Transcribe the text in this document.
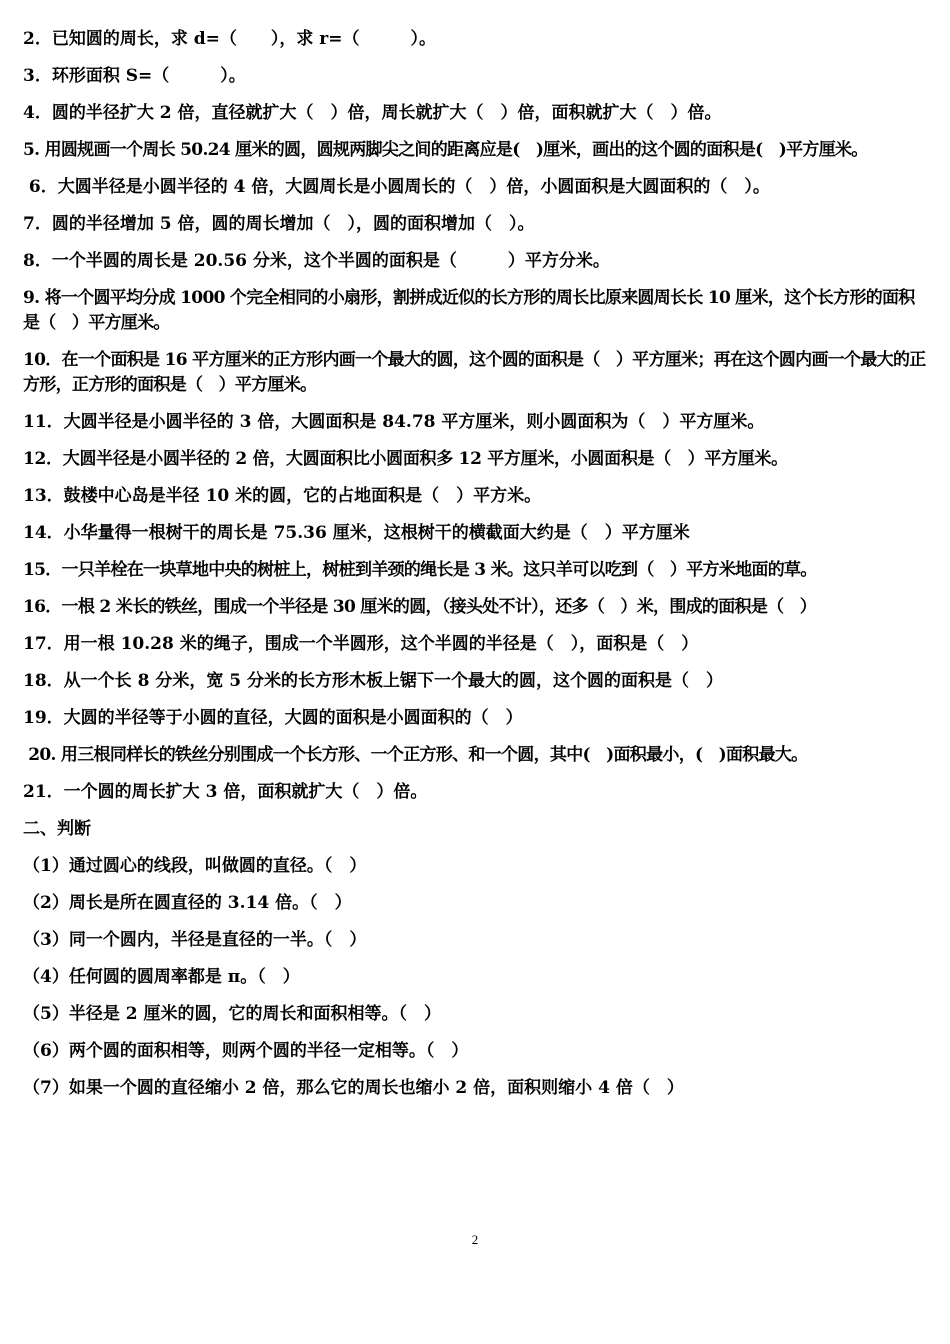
2．已知圆的周长，求 d=（　　），求 r=（　　　）。

3．环形面积 S=（　　　）。

4．圆的半径扩大 2 倍，直径就扩大（　）倍，周长就扩大（　）倍，面积就扩大（　）倍。

5. 用圆规画一个周长 50.24 厘米的圆，圆规两脚尖之间的距离应是(　)厘米，画出的这个圆的面积是(　)平方厘米。

6．大圆半径是小圆半径的 4 倍，大圆周长是小圆周长的（　）倍，小圆面积是大圆面积的（　）。

7．圆的半径增加 5 倍，圆的周长增加（　），圆的面积增加（　）。

8．一个半圆的周长是 20.56 分米，这个半圆的面积是（　　　）平方分米。

9. 将一个圆平均分成 1000 个完全相同的小扇形，割拼成近似的长方形的周长比原来圆周长长 10 厘米，这个长方形的面积是（　）平方厘米。

10．在一个面积是 16 平方厘米的正方形内画一个最大的圆，这个圆的面积是（　）平方厘米；再在这个圆内画一个最大的正方形，正方形的面积是（　）平方厘米。

11．大圆半径是小圆半径的 3 倍，大圆面积是 84.78 平方厘米，则小圆面积为（　）平方厘米。

12．大圆半径是小圆半径的 2 倍，大圆面积比小圆面积多 12 平方厘米，小圆面积是（　）平方厘米。

13．鼓楼中心岛是半径 10 米的圆，它的占地面积是（　）平方米。

14．小华量得一根树干的周长是 75.36 厘米，这根树干的横截面大约是（　）平方厘米

15．一只羊栓在一块草地中央的树桩上，树桩到羊颈的绳长是 3 米。这只羊可以吃到（　）平方米地面的草。

16．一根 2 米长的铁丝，围成一个半径是 30 厘米的圆，（接头处不计），还多（　）米，围成的面积是（　）

17．用一根 10.28 米的绳子，围成一个半圆形，这个半圆的半径是（　），面积是（　）

18．从一个长 8 分米，宽 5 分米的长方形木板上锯下一个最大的圆，这个圆的面积是（　）

19．大圆的半径等于小圆的直径，大圆的面积是小圆面积的（　）

20. 用三根同样长的铁丝分别围成一个长方形、一个正方形、和一个圆，其中(　)面积最小，(　)面积最大。

21．一个圆的周长扩大 3 倍，面积就扩大（　）倍。

二、判断

（1）通过圆心的线段，叫做圆的直径。（　）

（2）周长是所在圆直径的 3.14 倍。（　）

（3）同一个圆内，半径是直径的一半。（　）

（4）任何圆的圆周率都是 π。（　）

（5）半径是 2 厘米的圆，它的周长和面积相等。（　）

（6）两个圆的面积相等，则两个圆的半径一定相等。（　）

（7）如果一个圆的直径缩小 2 倍，那么它的周长也缩小 2 倍，面积则缩小 4 倍（　）

2
